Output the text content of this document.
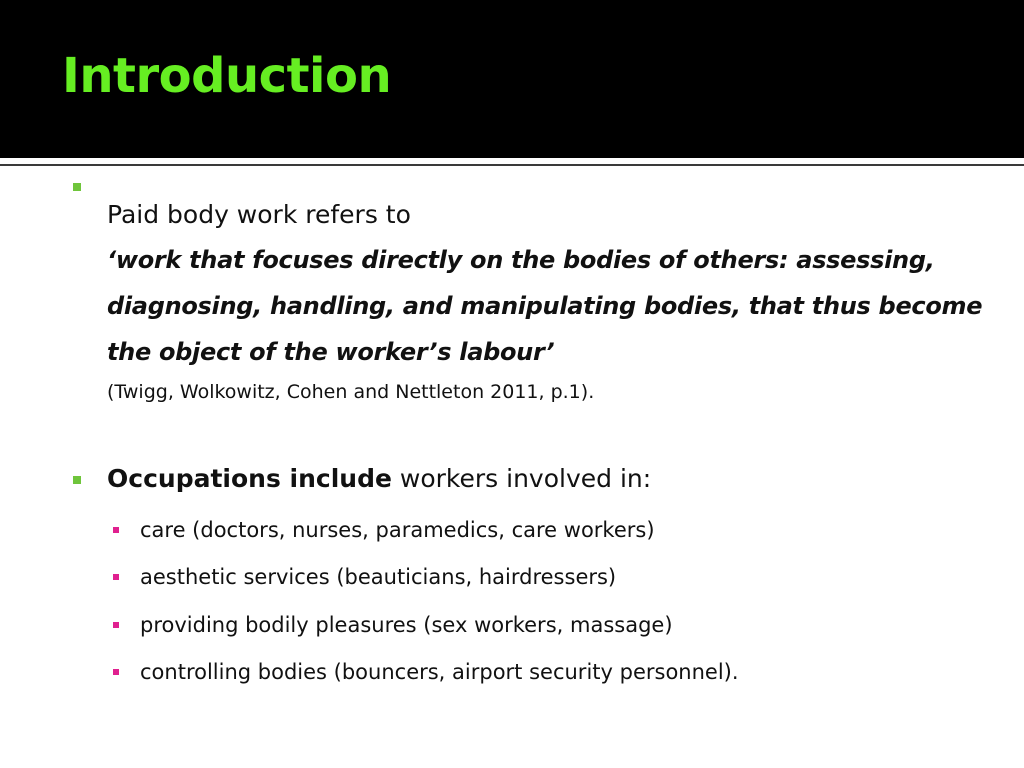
Introduction
Paid body work refers to
‘work that focuses directly on the bodies of others: assessing, diagnosing, handling, and manipulating bodies, that thus become the object of the worker’s labour’
(Twigg, Wolkowitz, Cohen and Nettleton 2011, p.1).
Occupations include workers involved in:
care (doctors, nurses, paramedics, care workers)
aesthetic services (beauticians, hairdressers)
providing bodily pleasures (sex workers, massage)
controlling bodies (bouncers, airport security personnel).
